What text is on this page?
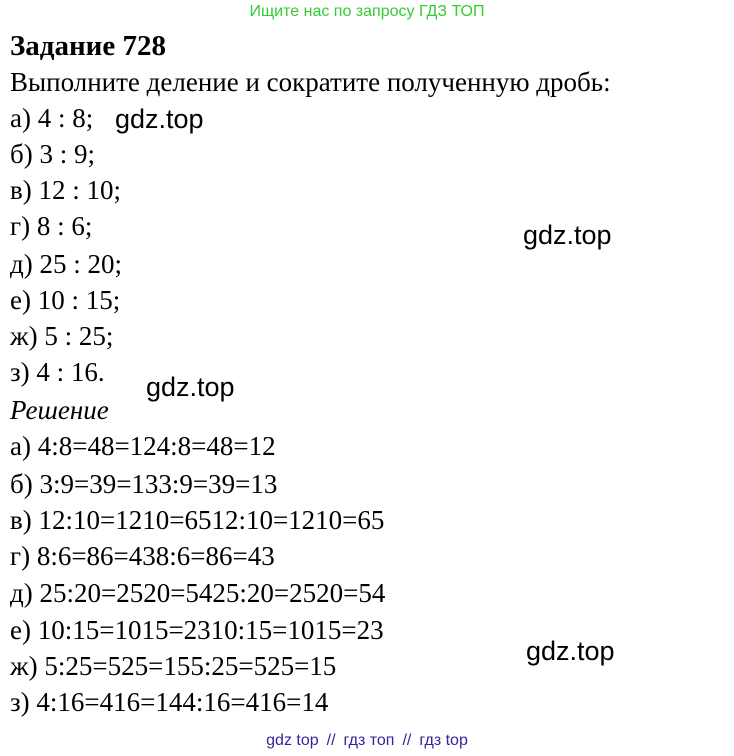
Ищите нас по запросу ГДЗ ТОП
Задание 728
Выполните деление и сократите полученную дробь:
а) 4 : 8;
б) 3 : 9;
в) 12 : 10;
г) 8 : 6;
д) 25 : 20;
е) 10 : 15;
ж) 5 : 25;
з) 4 : 16.
Решение
а) 4:8=48=124:8=48=12
б) 3:9=39=133:9=39=13
в) 12:10=1210=6512:10=1210=65
г) 8:6=86=438:6=86=43
д) 25:20=2520=5425:20=2520=54
е) 10:15=1015=2310:15=1015=23
ж) 5:25=525=155:25=525=15
з) 4:16=416=144:16=416=14
gdz.top
gdz.top
gdz.top
gdz.top
gdz top // гдз топ // гдз top
